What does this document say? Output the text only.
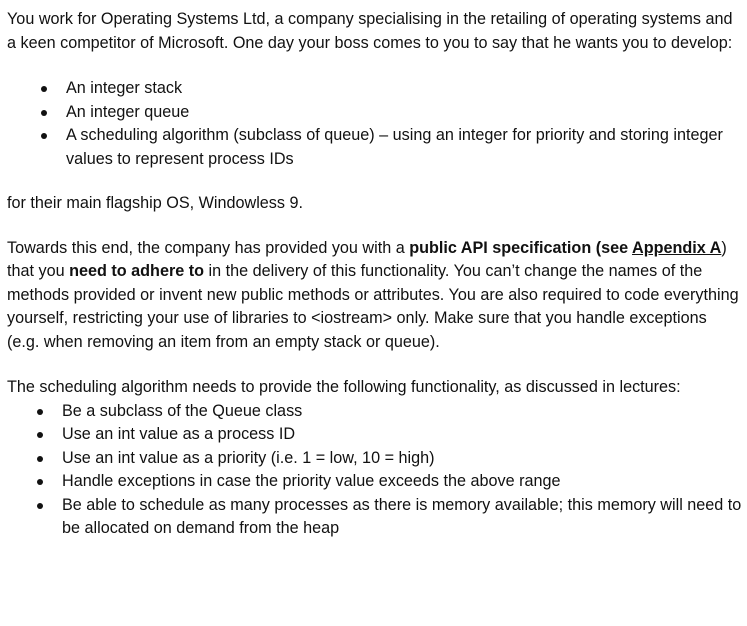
You work for Operating Systems Ltd, a company specialising in the retailing of operating systems and a keen competitor of Microsoft. One day your boss comes to you to say that he wants you to develop:

An integer stack
An integer queue
A scheduling algorithm (subclass of queue) – using an integer for priority and storing integer values to represent process IDs

for their main flagship OS, Windowless 9.

Towards this end, the company has provided you with a public API specification (see Appendix A) that you need to adhere to in the delivery of this functionality. You can’t change the names of the methods provided or invent new public methods or attributes. You are also required to code everything yourself, restricting your use of libraries to <iostream> only. Make sure that you handle exceptions (e.g. when removing an item from an empty stack or queue).

The scheduling algorithm needs to provide the following functionality, as discussed in lectures:

Be a subclass of the Queue class
Use an int value as a process ID
Use an int value as a priority (i.e. 1 = low, 10 = high)
Handle exceptions in case the priority value exceeds the above range
Be able to schedule as many processes as there is memory available; this memory will need to be allocated on demand from the heap
